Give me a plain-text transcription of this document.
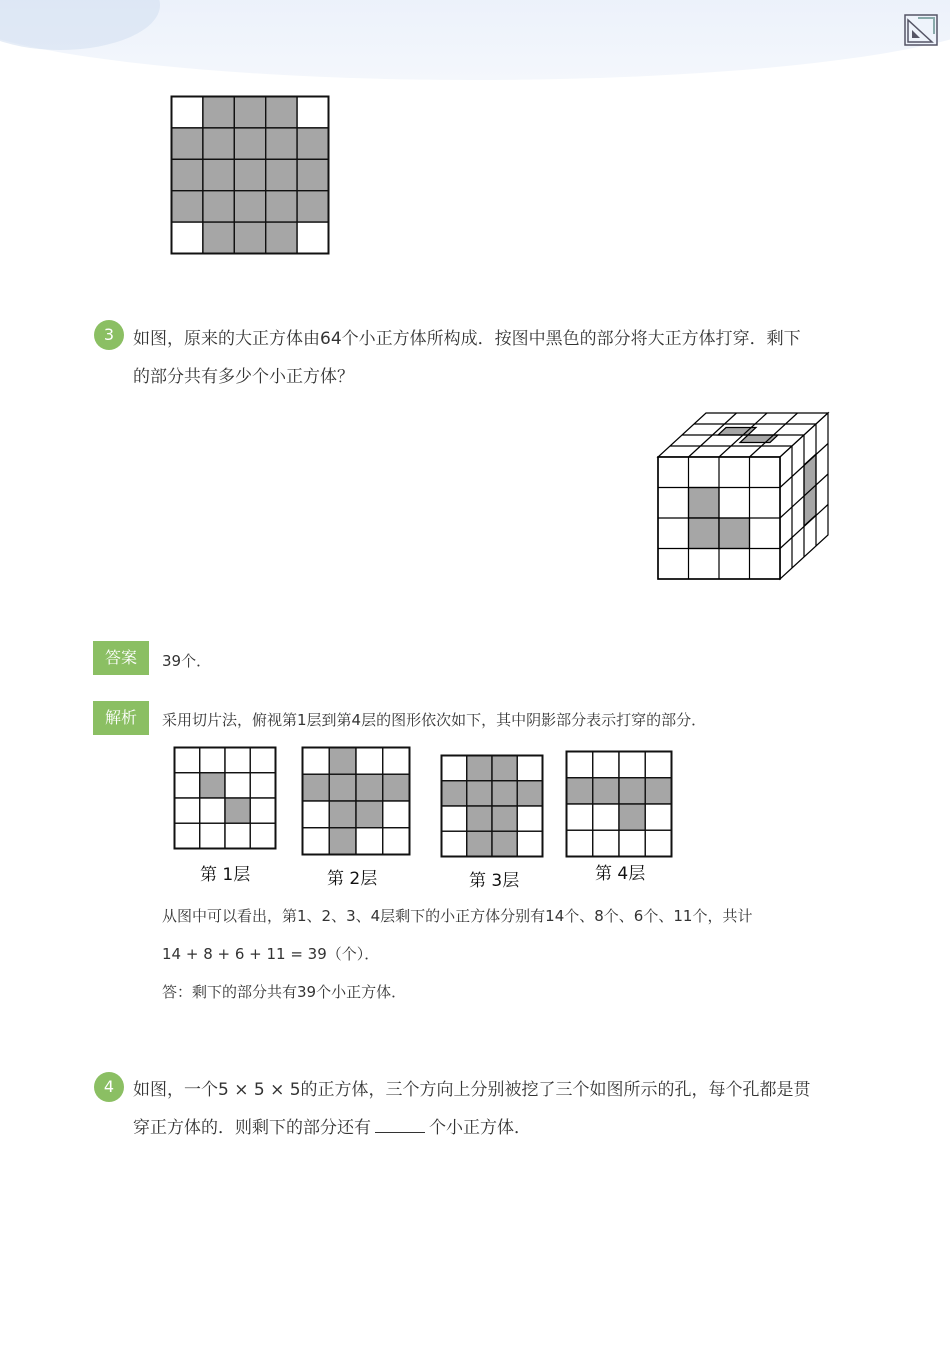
3	如图，原来的大正方体由64个小正方体所构成．按图中黑色的部分将大正方体打穿．剩下
的部分共有多少个小正方体？
答案	39个．
解析	采用切片法，俯视第1层到第4层的图形依次如下，其中阴影部分表示打穿的部分．
第 1层	第 2层	第 3层	第 4层
从图中可以看出，第1、2、3、4层剩下的小正方体分别有14个、8个、6个、11个，共计
14 + 8 + 6 + 11 = 39（个）．
答：剩下的部分共有39个小正方体．
4	如图，一个5 × 5 × 5的正方体，三个方向上分别被挖了三个如图所示的孔，每个孔都是贯
穿正方体的．则剩下的部分还有	个小正方体．
